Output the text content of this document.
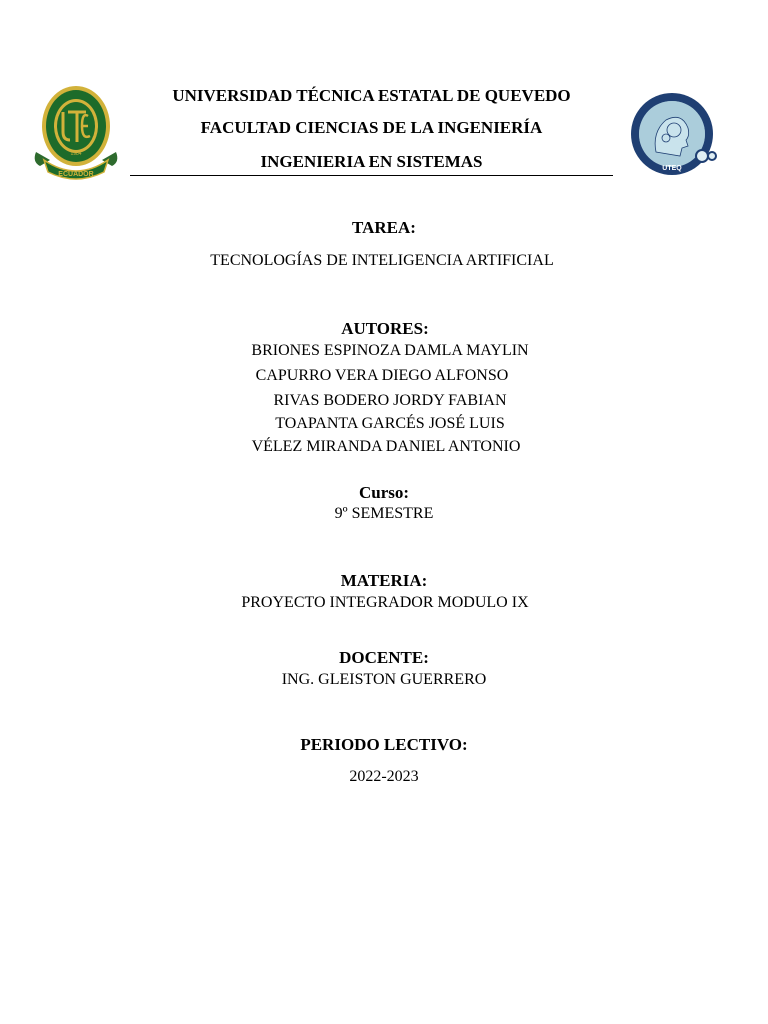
ECUADOR
1984
UNIVERSIDAD TÉCNICA ESTATAL DE QUEVEDO
FACULTAD CIENCIAS DE LA INGENIERÍA
INGENIERIA EN SISTEMAS	UTEQ
TAREA:
TECNOLOGÍAS DE INTELIGENCIA ARTIFICIAL
AUTORES:
BRIONES ESPINOZA DAMLA MAYLIN
CAPURRO VERA DIEGO ALFONSO
RIVAS BODERO JORDY FABIAN
TOAPANTA GARCÉS JOSÉ LUIS
VÉLEZ MIRANDA DANIEL ANTONIO
Curso:
9º SEMESTRE
MATERIA:
PROYECTO INTEGRADOR MODULO IX
DOCENTE:
ING. GLEISTON GUERRERO
PERIODO LECTIVO:
2022-2023
